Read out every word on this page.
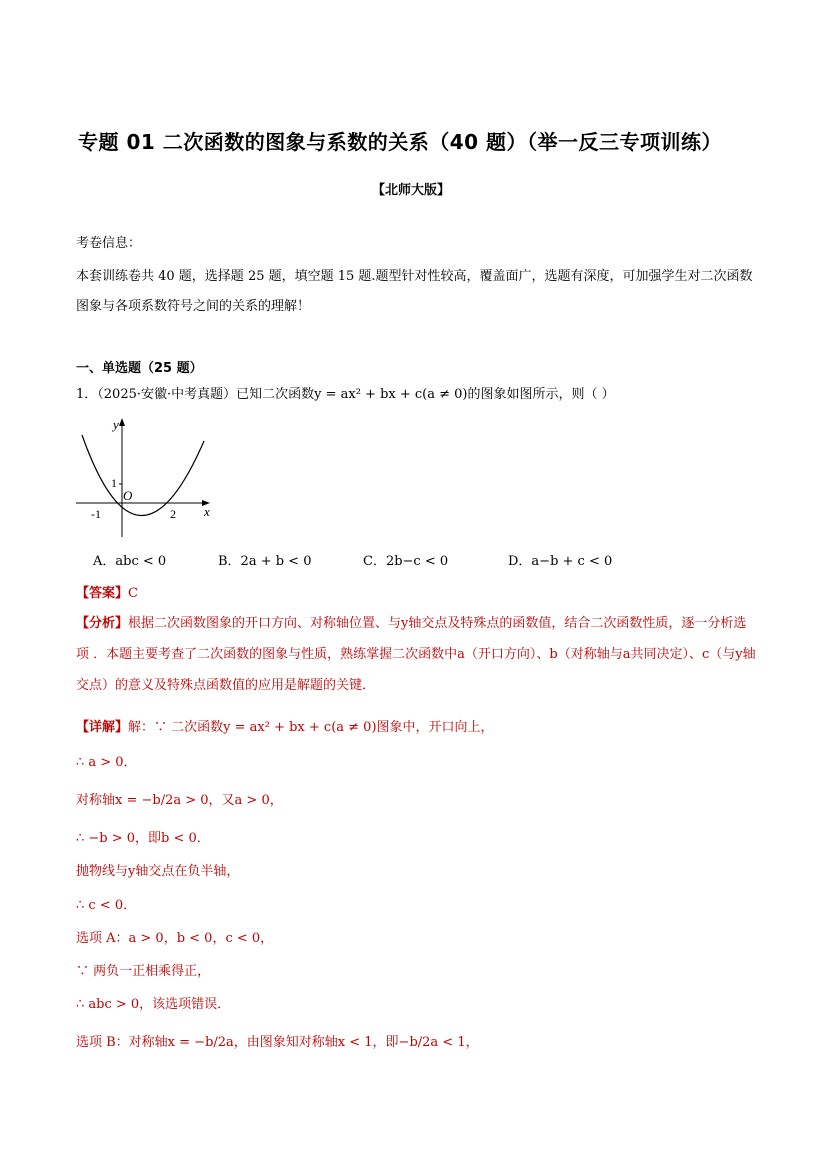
专题 01 二次函数的图象与系数的关系（40 题）（举一反三专项训练）
【北师大版】
考卷信息：
本套训练卷共 40 题，选择题 25 题，填空题 15 题.题型针对性较高，覆盖面广，选题有深度，可加强学生对二次函数图象与各项系数符号之间的关系的理解！
一、单选题（25 题）
1．（2025·安徽·中考真题）已知二次函数y = ax² + bx + c(a ≠ 0)的图象如图所示，则（ ）
y
x
O
1
-1	2
A．abc < 0	B．2a + b < 0	C．2b−c < 0	D．a−b + c < 0
【答案】C
【分析】根据二次函数图象的开口方向、对称轴位置、与y轴交点及特殊点的函数值，结合二次函数性质，逐一分析选项 ．本题主要考查了二次函数的图象与性质，熟练掌握二次函数中a（开口方向）、b（对称轴与a共同决定）、c（与y轴交点）的意义及特殊点函数值的应用是解题的关键．
【详解】解：∵ 二次函数y = ax² + bx + c(a ≠ 0)图象中，开口向上，
∴ a > 0．
对称轴x = −b/2a > 0，又a > 0，
∴ −b > 0，即b < 0．
抛物线与y轴交点在负半轴，
∴ c < 0．
选项 A：a > 0，b < 0，c < 0，
∵ 两负一正相乘得正，
∴ abc > 0，该选项错误．
选项 B：对称轴x = −b/2a，由图象知对称轴x < 1，即−b/2a < 1，
